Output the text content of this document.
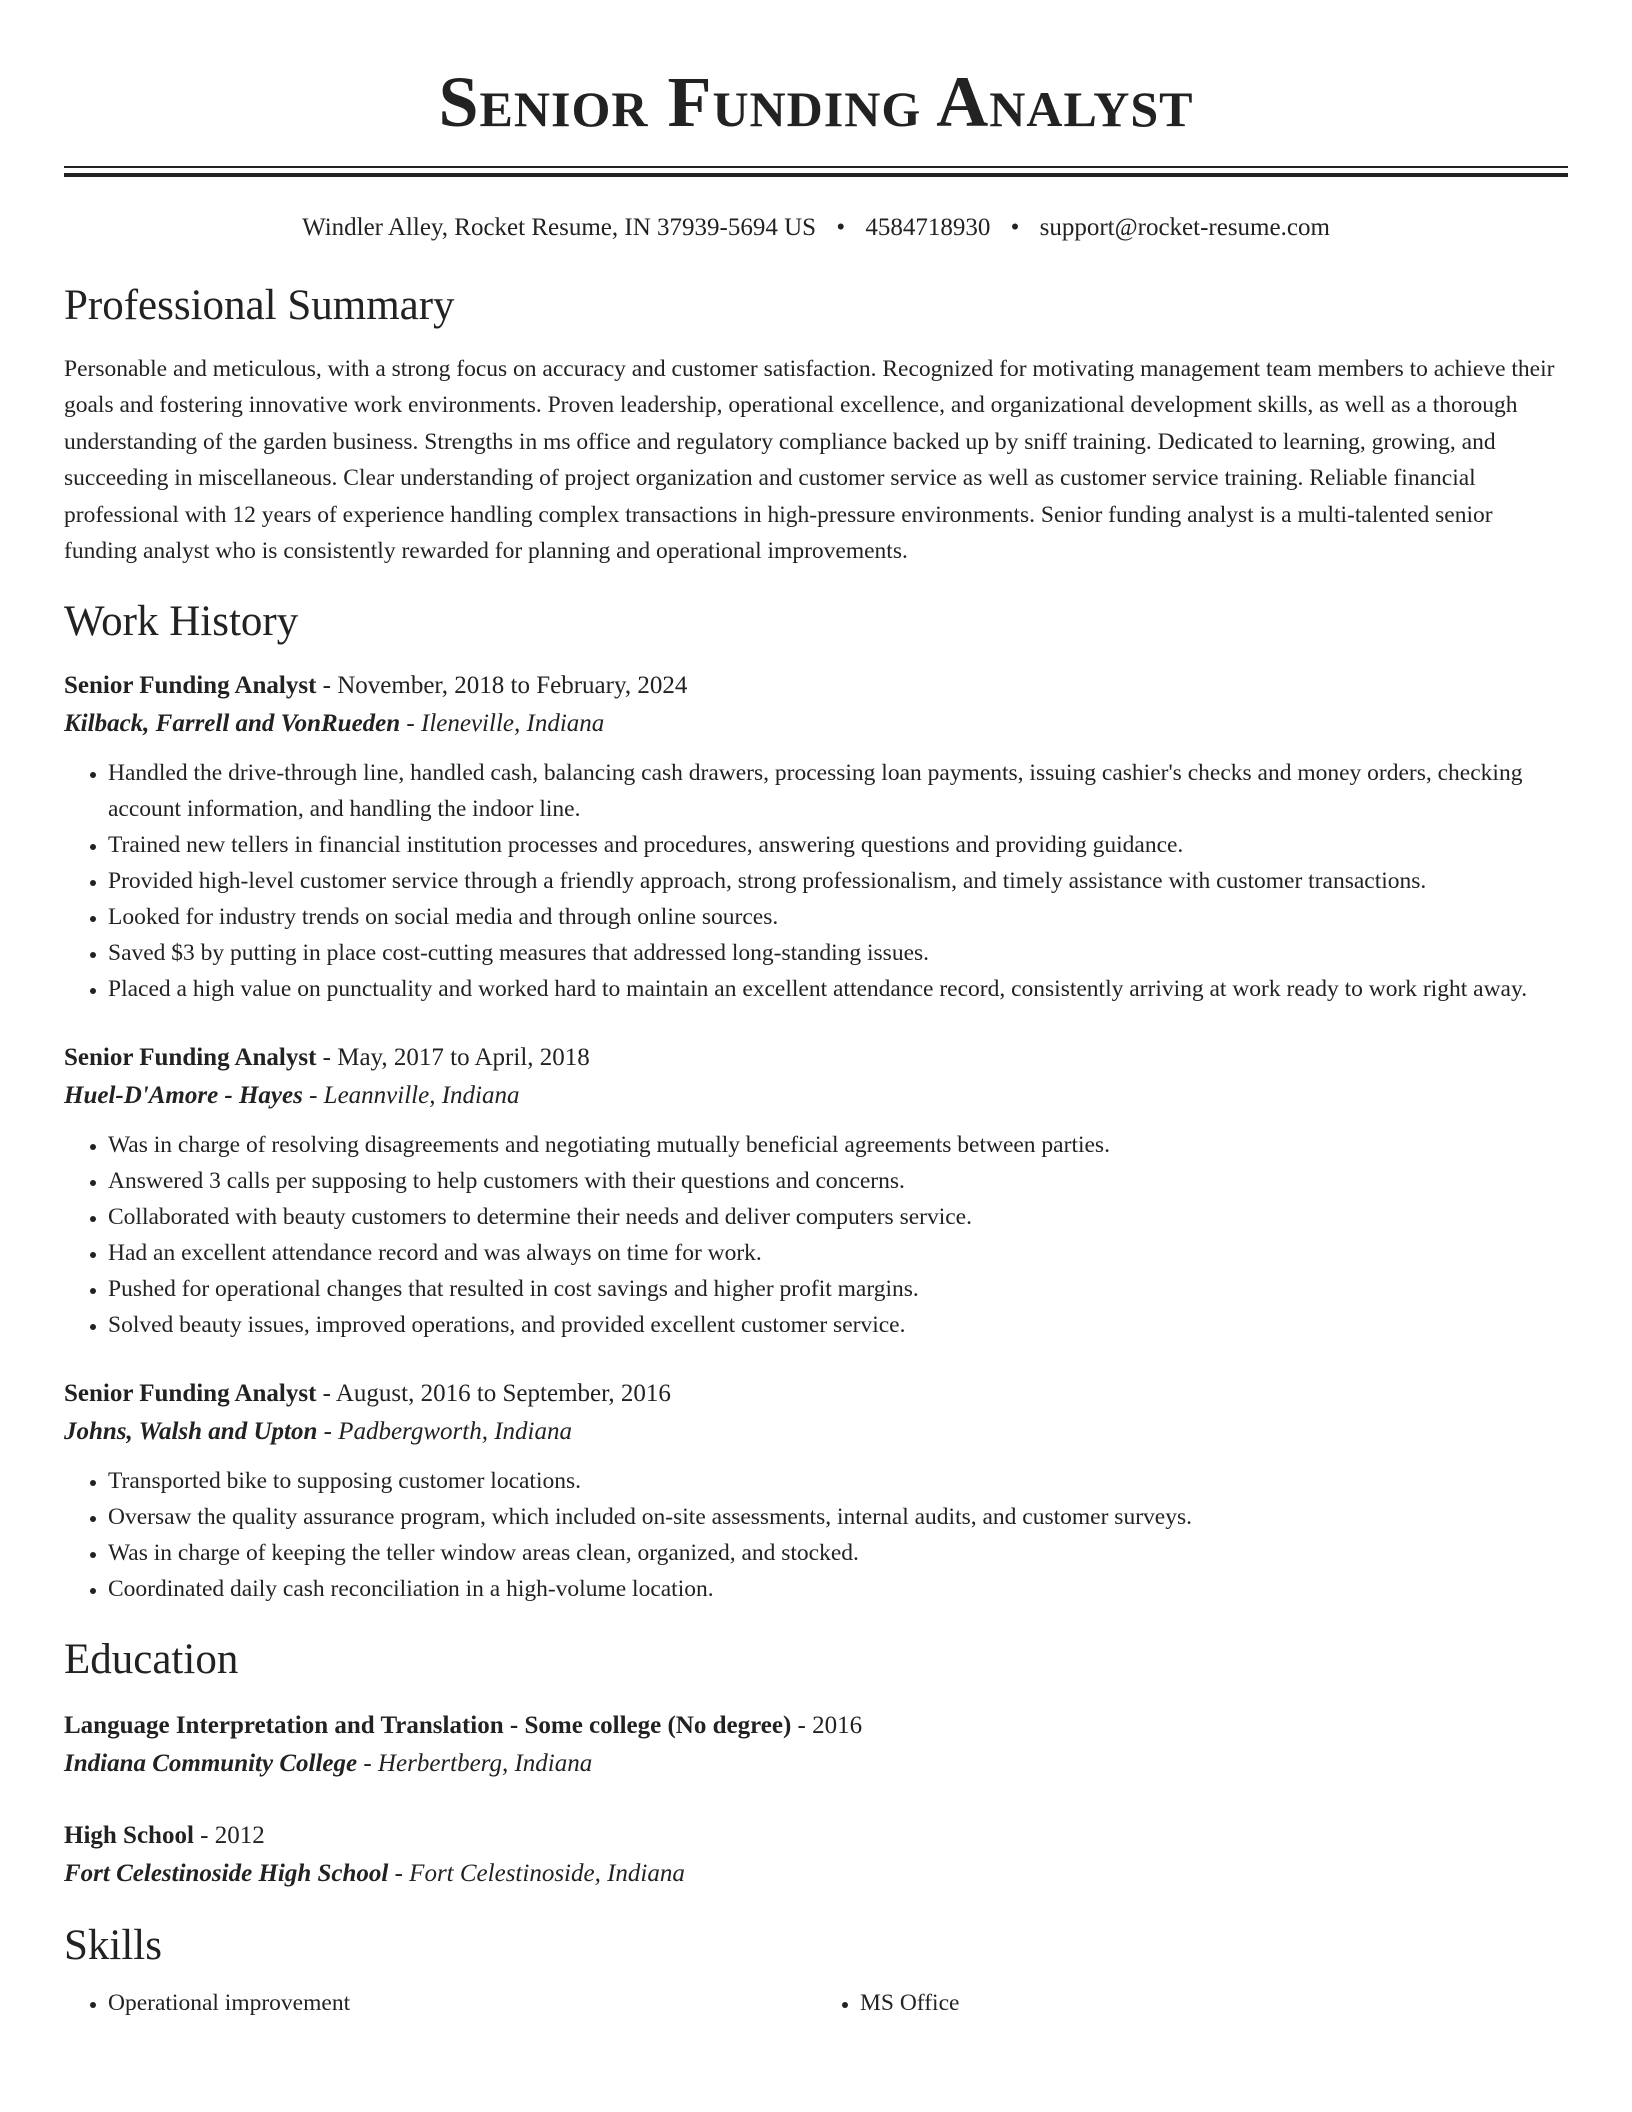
Senior Funding Analyst
Windler Alley, Rocket Resume, IN 37939-5694 US • 4584718930 • support@rocket-resume.com
Professional Summary
Personable and meticulous, with a strong focus on accuracy and customer satisfaction. Recognized for motivating management team members to achieve their goals and fostering innovative work environments. Proven leadership, operational excellence, and organizational development skills, as well as a thorough understanding of the garden business. Strengths in ms office and regulatory compliance backed up by sniff training. Dedicated to learning, growing, and succeeding in miscellaneous. Clear understanding of project organization and customer service as well as customer service training. Reliable financial professional with 12 years of experience handling complex transactions in high-pressure environments. Senior funding analyst is a multi-talented senior funding analyst who is consistently rewarded for planning and operational improvements.
Work History
Senior Funding Analyst - November, 2018 to February, 2024
Kilback, Farrell and VonRueden - Ileneville, Indiana
• Handled the drive-through line, handled cash, balancing cash drawers, processing loan payments, issuing cashier's checks and money orders, checking account information, and handling the indoor line.
• Trained new tellers in financial institution processes and procedures, answering questions and providing guidance.
• Provided high-level customer service through a friendly approach, strong professionalism, and timely assistance with customer transactions.
• Looked for industry trends on social media and through online sources.
• Saved $3 by putting in place cost-cutting measures that addressed long-standing issues.
• Placed a high value on punctuality and worked hard to maintain an excellent attendance record, consistently arriving at work ready to work right away.
Senior Funding Analyst - May, 2017 to April, 2018
Huel-D'Amore - Hayes - Leannville, Indiana
• Was in charge of resolving disagreements and negotiating mutually beneficial agreements between parties.
• Answered 3 calls per supposing to help customers with their questions and concerns.
• Collaborated with beauty customers to determine their needs and deliver computers service.
• Had an excellent attendance record and was always on time for work.
• Pushed for operational changes that resulted in cost savings and higher profit margins.
• Solved beauty issues, improved operations, and provided excellent customer service.
Senior Funding Analyst - August, 2016 to September, 2016
Johns, Walsh and Upton - Padbergworth, Indiana
• Transported bike to supposing customer locations.
• Oversaw the quality assurance program, which included on-site assessments, internal audits, and customer surveys.
• Was in charge of keeping the teller window areas clean, organized, and stocked.
• Coordinated daily cash reconciliation in a high-volume location.
Education
Language Interpretation and Translation - Some college (No degree) - 2016
Indiana Community College - Herbertberg, Indiana
High School - 2012
Fort Celestinoside High School - Fort Celestinoside, Indiana
Skills
• Operational improvement
•	MS Office
